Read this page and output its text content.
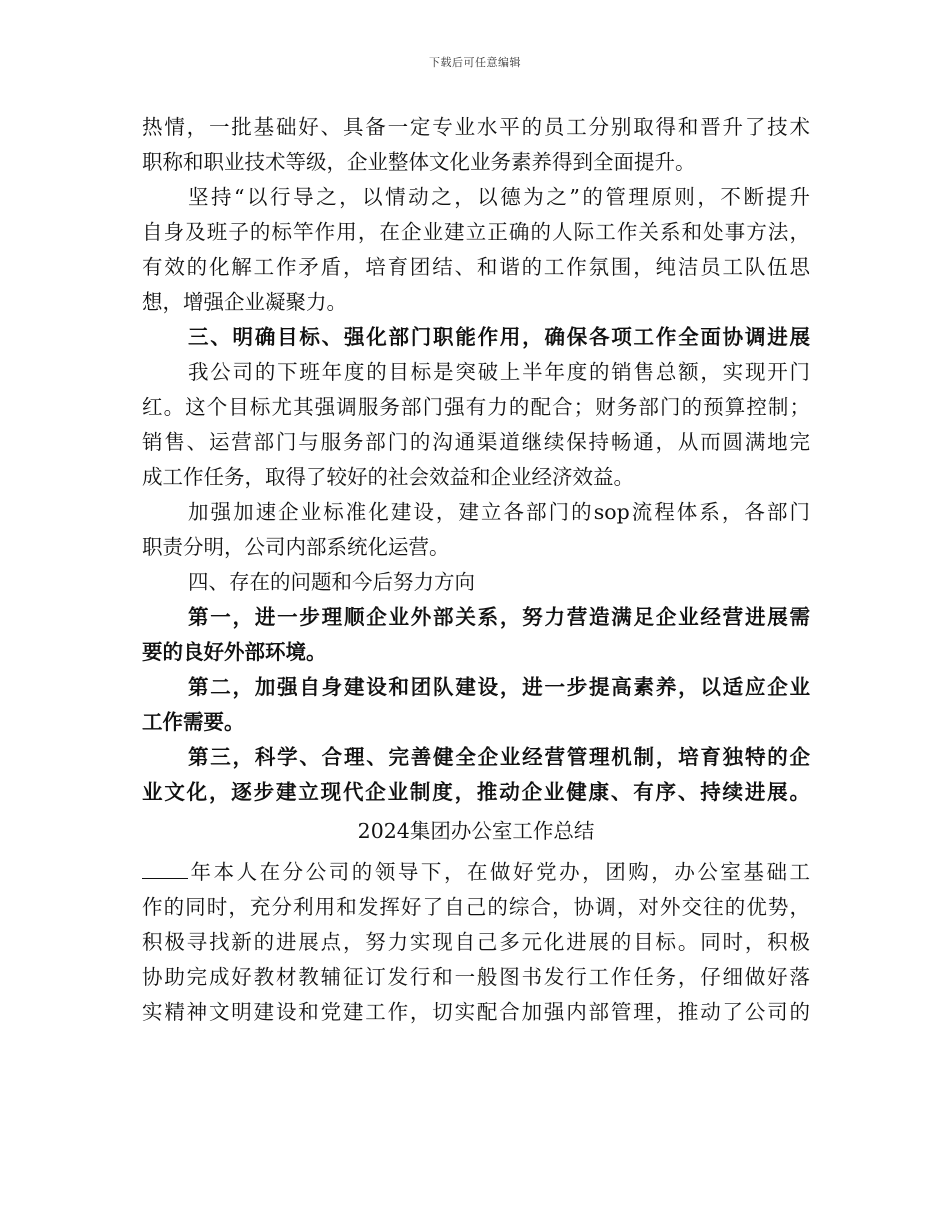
下载后可任意编辑
热情，一批基础好、具备一定专业水平的员工分别取得和晋升了技术
职称和职业技术等级，企业整体文化业务素养得到全面提升。
坚持“以行导之，以情动之，以德为之”的管理原则，不断提升
自身及班子的标竿作用，在企业建立正确的人际工作关系和处事方法，
有效的化解工作矛盾，培育团结、和谐的工作氛围，纯洁员工队伍思
想，增强企业凝聚力。
三、明确目标、强化部门职能作用，确保各项工作全面协调进展
我公司的下班年度的目标是突破上半年度的销售总额，实现开门
红。这个目标尤其强调服务部门强有力的配合；财务部门的预算控制；
销售、运营部门与服务部门的沟通渠道继续保持畅通，从而圆满地完
成工作任务，取得了较好的社会效益和企业经济效益。
加强加速企业标准化建设，建立各部门的sop流程体系，各部门
职责分明，公司内部系统化运营。
四、存在的问题和今后努力方向
第一，进一步理顺企业外部关系，努力营造满足企业经营进展需
要的良好外部环境。
第二，加强自身建设和团队建设，进一步提高素养，以适应企业
工作需要。
第三，科学、合理、完善健全企业经营管理机制，培育独特的企
业文化，逐步建立现代企业制度，推动企业健康、有序、持续进展。
2024集团办公室工作总结
年本人在分公司的领导下，在做好党办，团购，办公室基础工
作的同时，充分利用和发挥好了自己的综合，协调，对外交往的优势，
积极寻找新的进展点，努力实现自己多元化进展的目标。同时，积极
协助完成好教材教辅征订发行和一般图书发行工作任务，仔细做好落
实精神文明建设和党建工作，切实配合加强内部管理，推动了公司的
